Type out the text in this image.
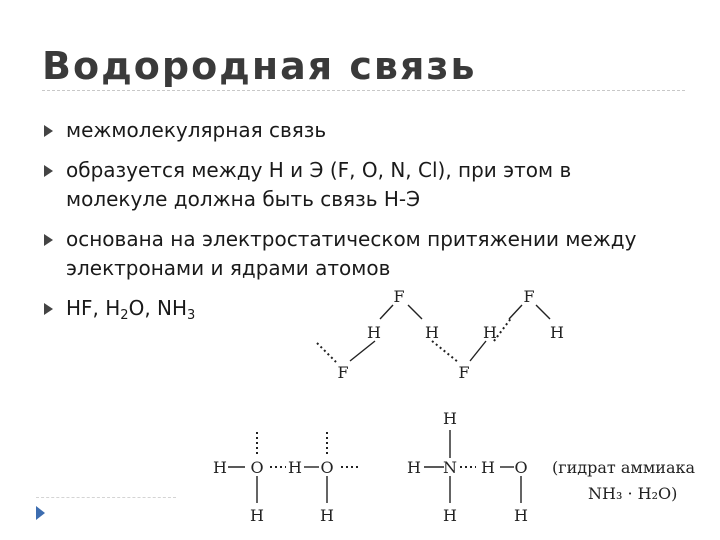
Водородная связь
межмолекулярная связь
образуется между Н и Э (F, O, N, Cl), при этом в молекуле должна быть связь Н-Э
основана на электростатическом притяжении между электронами и ядрами атомов
HF, $H_2O$, $NH_3$
F	F
F	F
H	H	H	H
H O H O
H	H
H
H N H O
H	H
(гидрат аммиака
NH₃ · H₂O)
